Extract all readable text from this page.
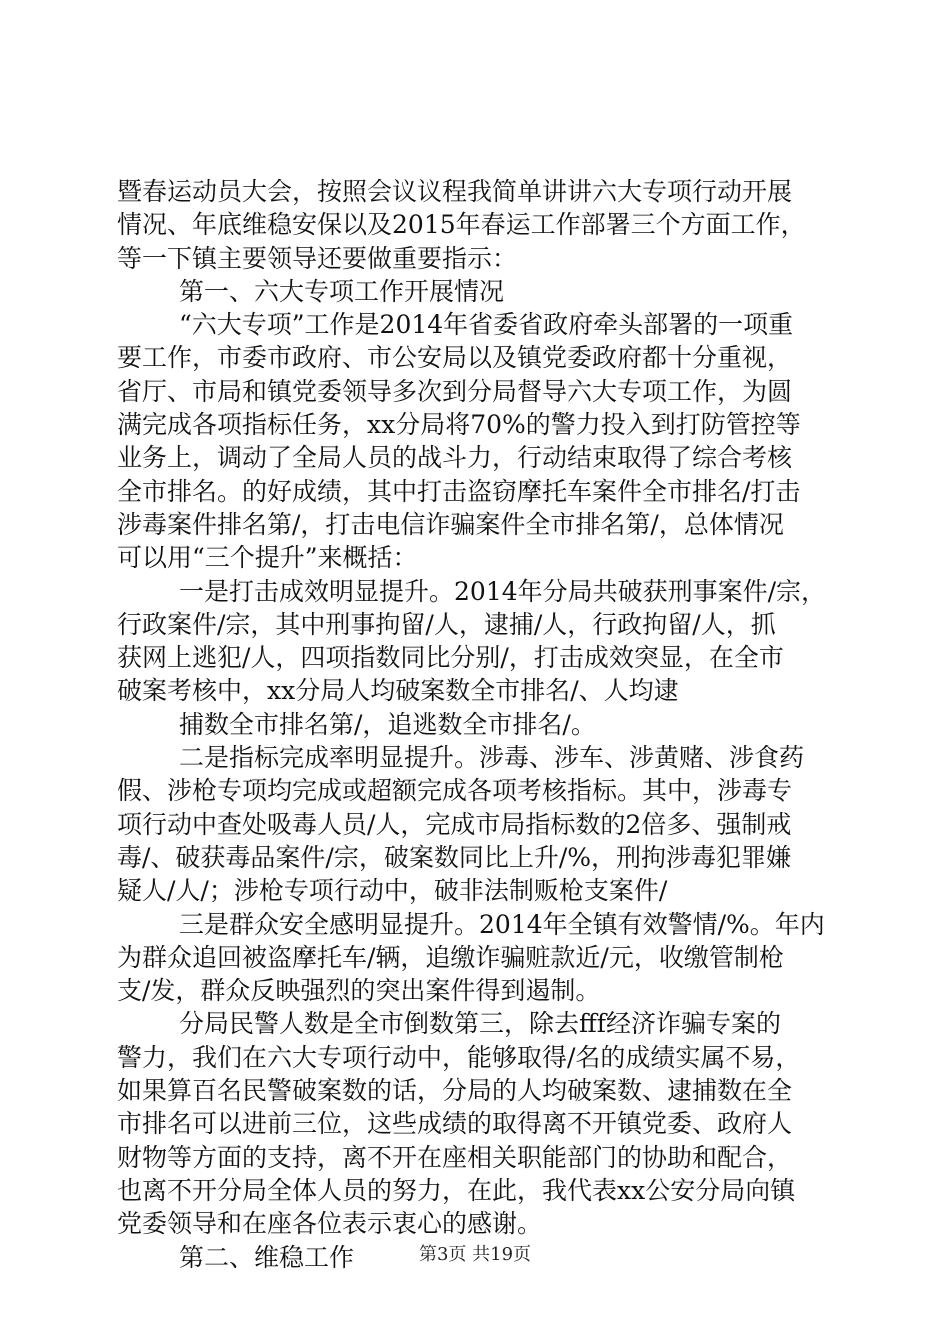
暨春运动员大会，按照会议议程我简单讲讲六大专项行动开展
情况、年底维稳安保以及2015年春运工作部署三个方面工作，
等一下镇主要领导还要做重要指示：
第一、六大专项工作开展情况
“六大专项”工作是2014年省委省政府牵头部署的一项重
要工作，市委市政府、市公安局以及镇党委政府都十分重视，
省厅、市局和镇党委领导多次到分局督导六大专项工作，为圆
满完成各项指标任务，xx分局将70%的警力投入到打防管控等
业务上，调动了全局人员的战斗力，行动结束取得了综合考核
全市排名。的好成绩，其中打击盗窃摩托车案件全市排名/打击
涉毒案件排名第/，打击电信诈骗案件全市排名第/，总体情况
可以用“三个提升”来概括：
一是打击成效明显提升。2014年分局共破获刑事案件/宗，
行政案件/宗，其中刑事拘留/人，逮捕/人，行政拘留/人，抓
获网上逃犯/人，四项指数同比分别/，打击成效突显，在全市
破案考核中，xx分局人均破案数全市排名/、人均逮
捕数全市排名第/，追逃数全市排名/。
二是指标完成率明显提升。涉毒、涉车、涉黄赌、涉食药
假、涉枪专项均完成或超额完成各项考核指标。其中，涉毒专
项行动中查处吸毒人员/人，完成市局指标数的2倍多、强制戒
毒/、破获毒品案件/宗，破案数同比上升/%，刑拘涉毒犯罪嫌
疑人/人/；涉枪专项行动中，破非法制贩枪支案件/
三是群众安全感明显提升。2014年全镇有效警情/%。年内
为群众追回被盗摩托车/辆，追缴诈骗赃款近/元，收缴管制枪
支/发，群众反映强烈的突出案件得到遏制。
分局民警人数是全市倒数第三，除去fff经济诈骗专案的
警力，我们在六大专项行动中，能够取得/名的成绩实属不易，
如果算百名民警破案数的话，分局的人均破案数、逮捕数在全
市排名可以进前三位，这些成绩的取得离不开镇党委、政府人
财物等方面的支持，离不开在座相关职能部门的协助和配合，
也离不开分局全体人员的努力，在此，我代表xx公安分局向镇
党委领导和在座各位表示衷心的感谢。
第二、维稳工作	第3页 共19页
